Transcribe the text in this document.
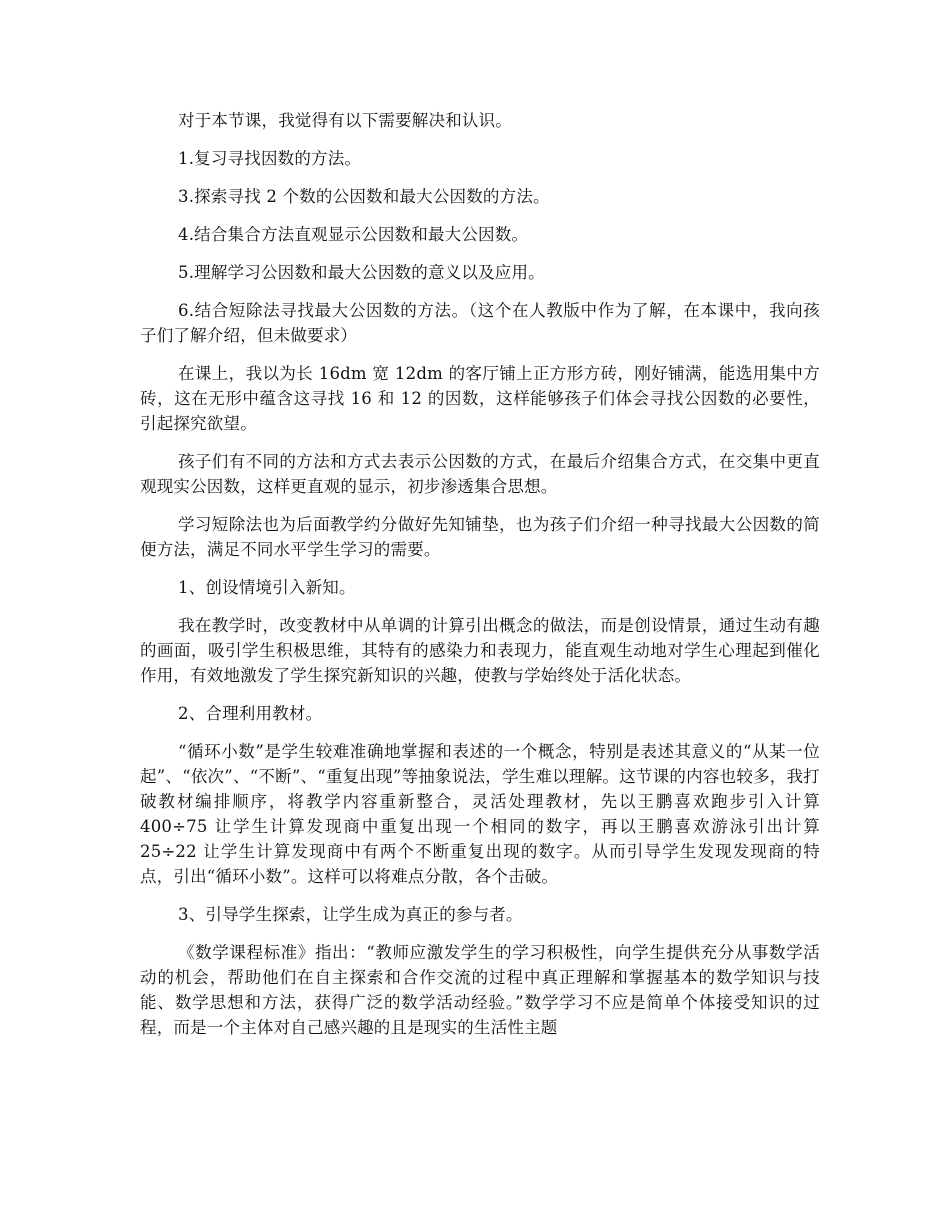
对于本节课，我觉得有以下需要解决和认识。

1.复习寻找因数的方法。

3.探索寻找 2 个数的公因数和最大公因数的方法。

4.结合集合方法直观显示公因数和最大公因数。

5.理解学习公因数和最大公因数的意义以及应用。

6.结合短除法寻找最大公因数的方法。（这个在人教版中作为了解，在本课中，我向孩子们了解介绍，但未做要求）

在课上，我以为长 16dm 宽 12dm 的客厅铺上正方形方砖，刚好铺满，能选用集中方砖，这在无形中蕴含这寻找 16 和 12 的因数，这样能够孩子们体会寻找公因数的必要性，引起探究欲望。

孩子们有不同的方法和方式去表示公因数的方式，在最后介绍集合方式，在交集中更直观现实公因数，这样更直观的显示，初步渗透集合思想。

学习短除法也为后面教学约分做好先知铺垫，也为孩子们介绍一种寻找最大公因数的简便方法，满足不同水平学生学习的需要。

1、创设情境引入新知。

我在教学时，改变教材中从单调的计算引出概念的做法，而是创设情景，通过生动有趣的画面，吸引学生积极思维，其特有的感染力和表现力，能直观生动地对学生心理起到催化作用，有效地激发了学生探究新知识的兴趣，使教与学始终处于活化状态。

2、合理利用教材。

“循环小数”是学生较难准确地掌握和表述的一个概念，特别是表述其意义的“从某一位起”、“依次”、“不断”、“重复出现”等抽象说法，学生难以理解。这节课的内容也较多，我打破教材编排顺序，将教学内容重新整合，灵活处理教材，先以王鹏喜欢跑步引入计算 400÷75 让学生计算发现商中重复出现一个相同的数字，再以王鹏喜欢游泳引出计算 25÷22 让学生计算发现商中有两个不断重复出现的数字。从而引导学生发现发现商的特点，引出“循环小数”。这样可以将难点分散，各个击破。

3、引导学生探索，让学生成为真正的参与者。

《数学课程标准》指出：“教师应激发学生的学习积极性，向学生提供充分从事数学活动的机会，帮助他们在自主探索和合作交流的过程中真正理解和掌握基本的数学知识与技能、数学思想和方法，获得广泛的数学活动经验。”数学学习不应是简单个体接受知识的过程，而是一个主体对自己感兴趣的且是现实的生活性主题
